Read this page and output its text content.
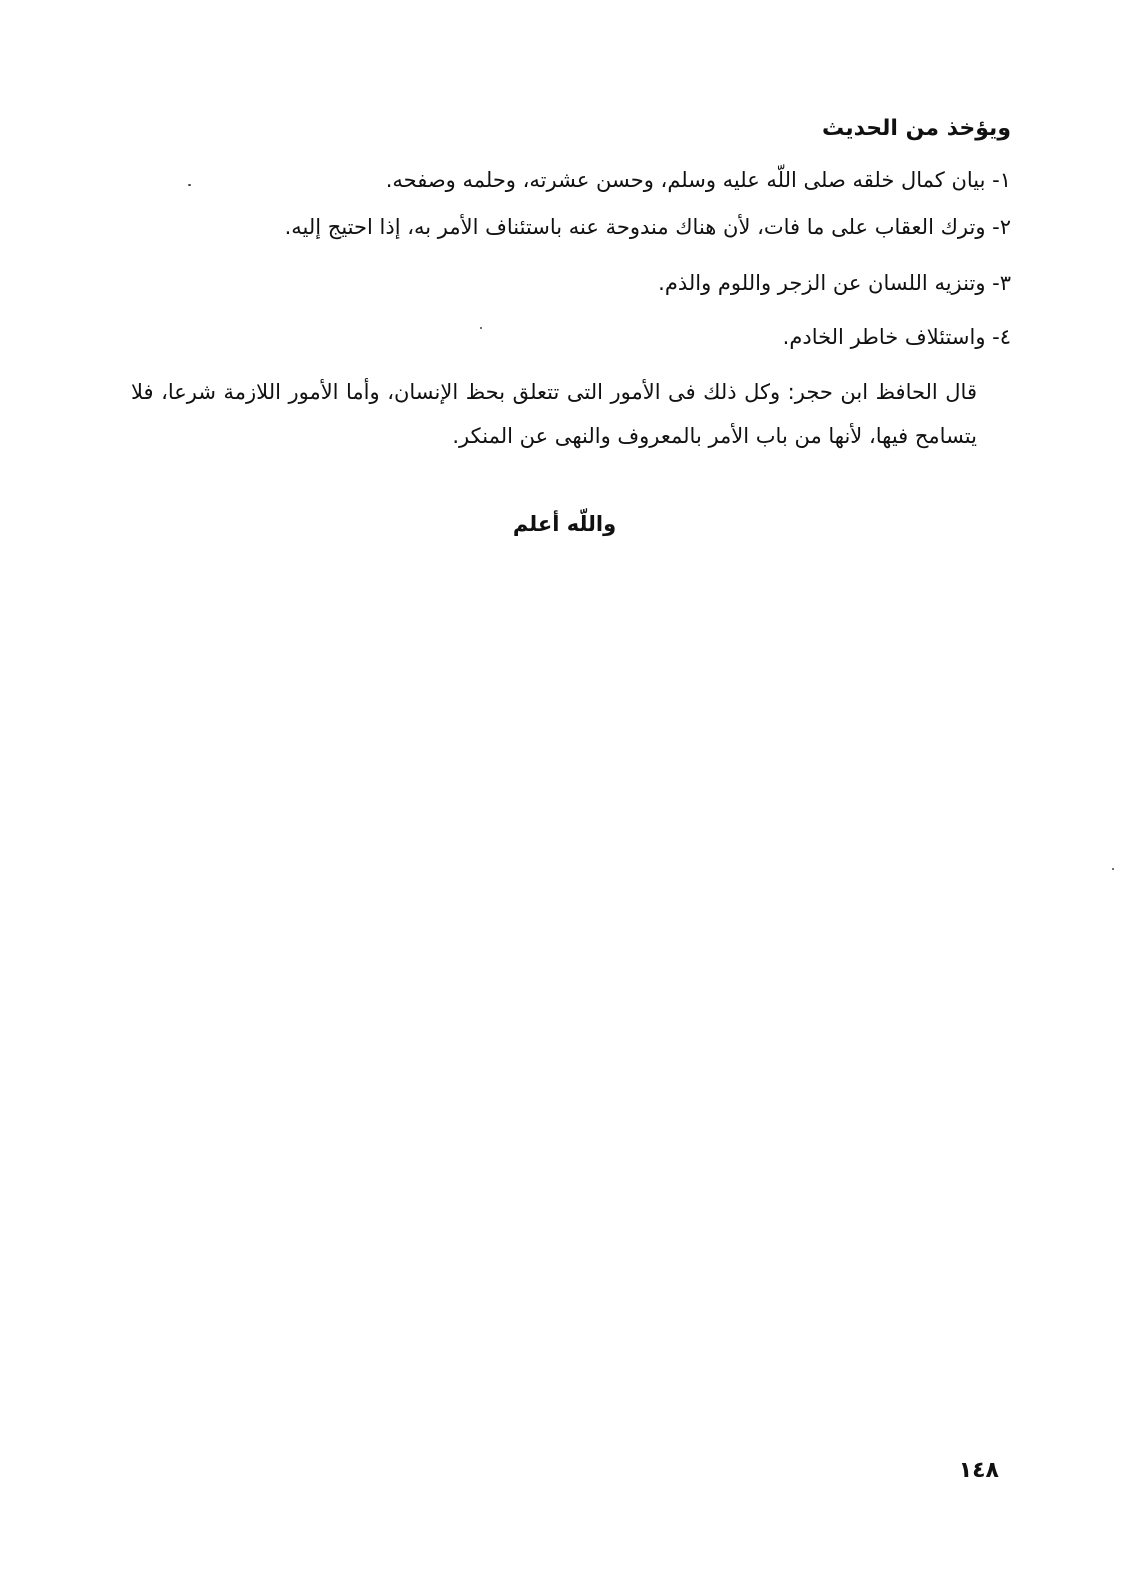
ويؤخذ من الحديث
١- بيان كمال خلقه صلى اللّه عليه وسلم، وحسن عشرته، وحلمه وصفحه.
٢- وترك العقاب على ما فات، لأن هناك مندوحة عنه باستئناف الأمر به، إذا احتيج إليه.
٣- وتنزيه اللسان عن الزجر واللوم والذم.
٤- واستئلاف خاطر الخادم.
قال الحافظ ابن حجر: وكل ذلك فى الأمور التى تتعلق بحظ الإنسان، وأما الأمور اللازمة شرعا، فلا يتسامح فيها، لأنها من باب الأمر بالمعروف والنهى عن المنكر.
واللّه أعلم
١٤٨
